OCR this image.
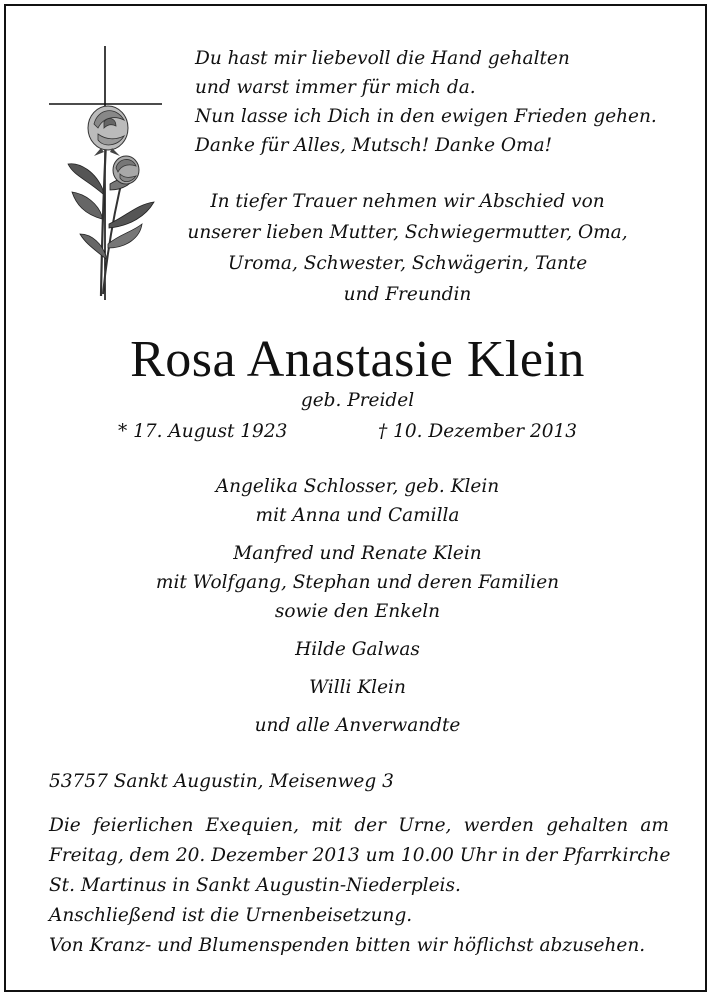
Du hast mir liebevoll die Hand gehalten
und warst immer für mich da.
Nun lasse ich Dich in den ewigen Frieden gehen.
Danke für Alles, Mutsch! Danke Oma!
In tiefer Trauer nehmen wir Abschied von
unserer lieben Mutter, Schwiegermutter, Oma,
Uroma, Schwester, Schwägerin, Tante
und Freundin
Rosa Anastasie Klein
geb. Preidel
* 17. August 1923	† 10. Dezember 2013
Angelika Schlosser, geb. Klein
mit Anna und Camilla
Manfred und Renate Klein
mit Wolfgang, Stephan und deren Familien
sowie den Enkeln
Hilde Galwas
Willi Klein
und alle Anverwandte
53757 Sankt Augustin, Meisenweg 3
Die feierlichen Exequien, mit der Urne, werden gehalten am
Freitag, dem 20. Dezember 2013 um 10.00 Uhr in der Pfarrkirche
St. Martinus in Sankt Augustin-Niederpleis.
Anschließend ist die Urnenbeisetzung.
Von Kranz- und Blumenspenden bitten wir höflichst abzusehen.
